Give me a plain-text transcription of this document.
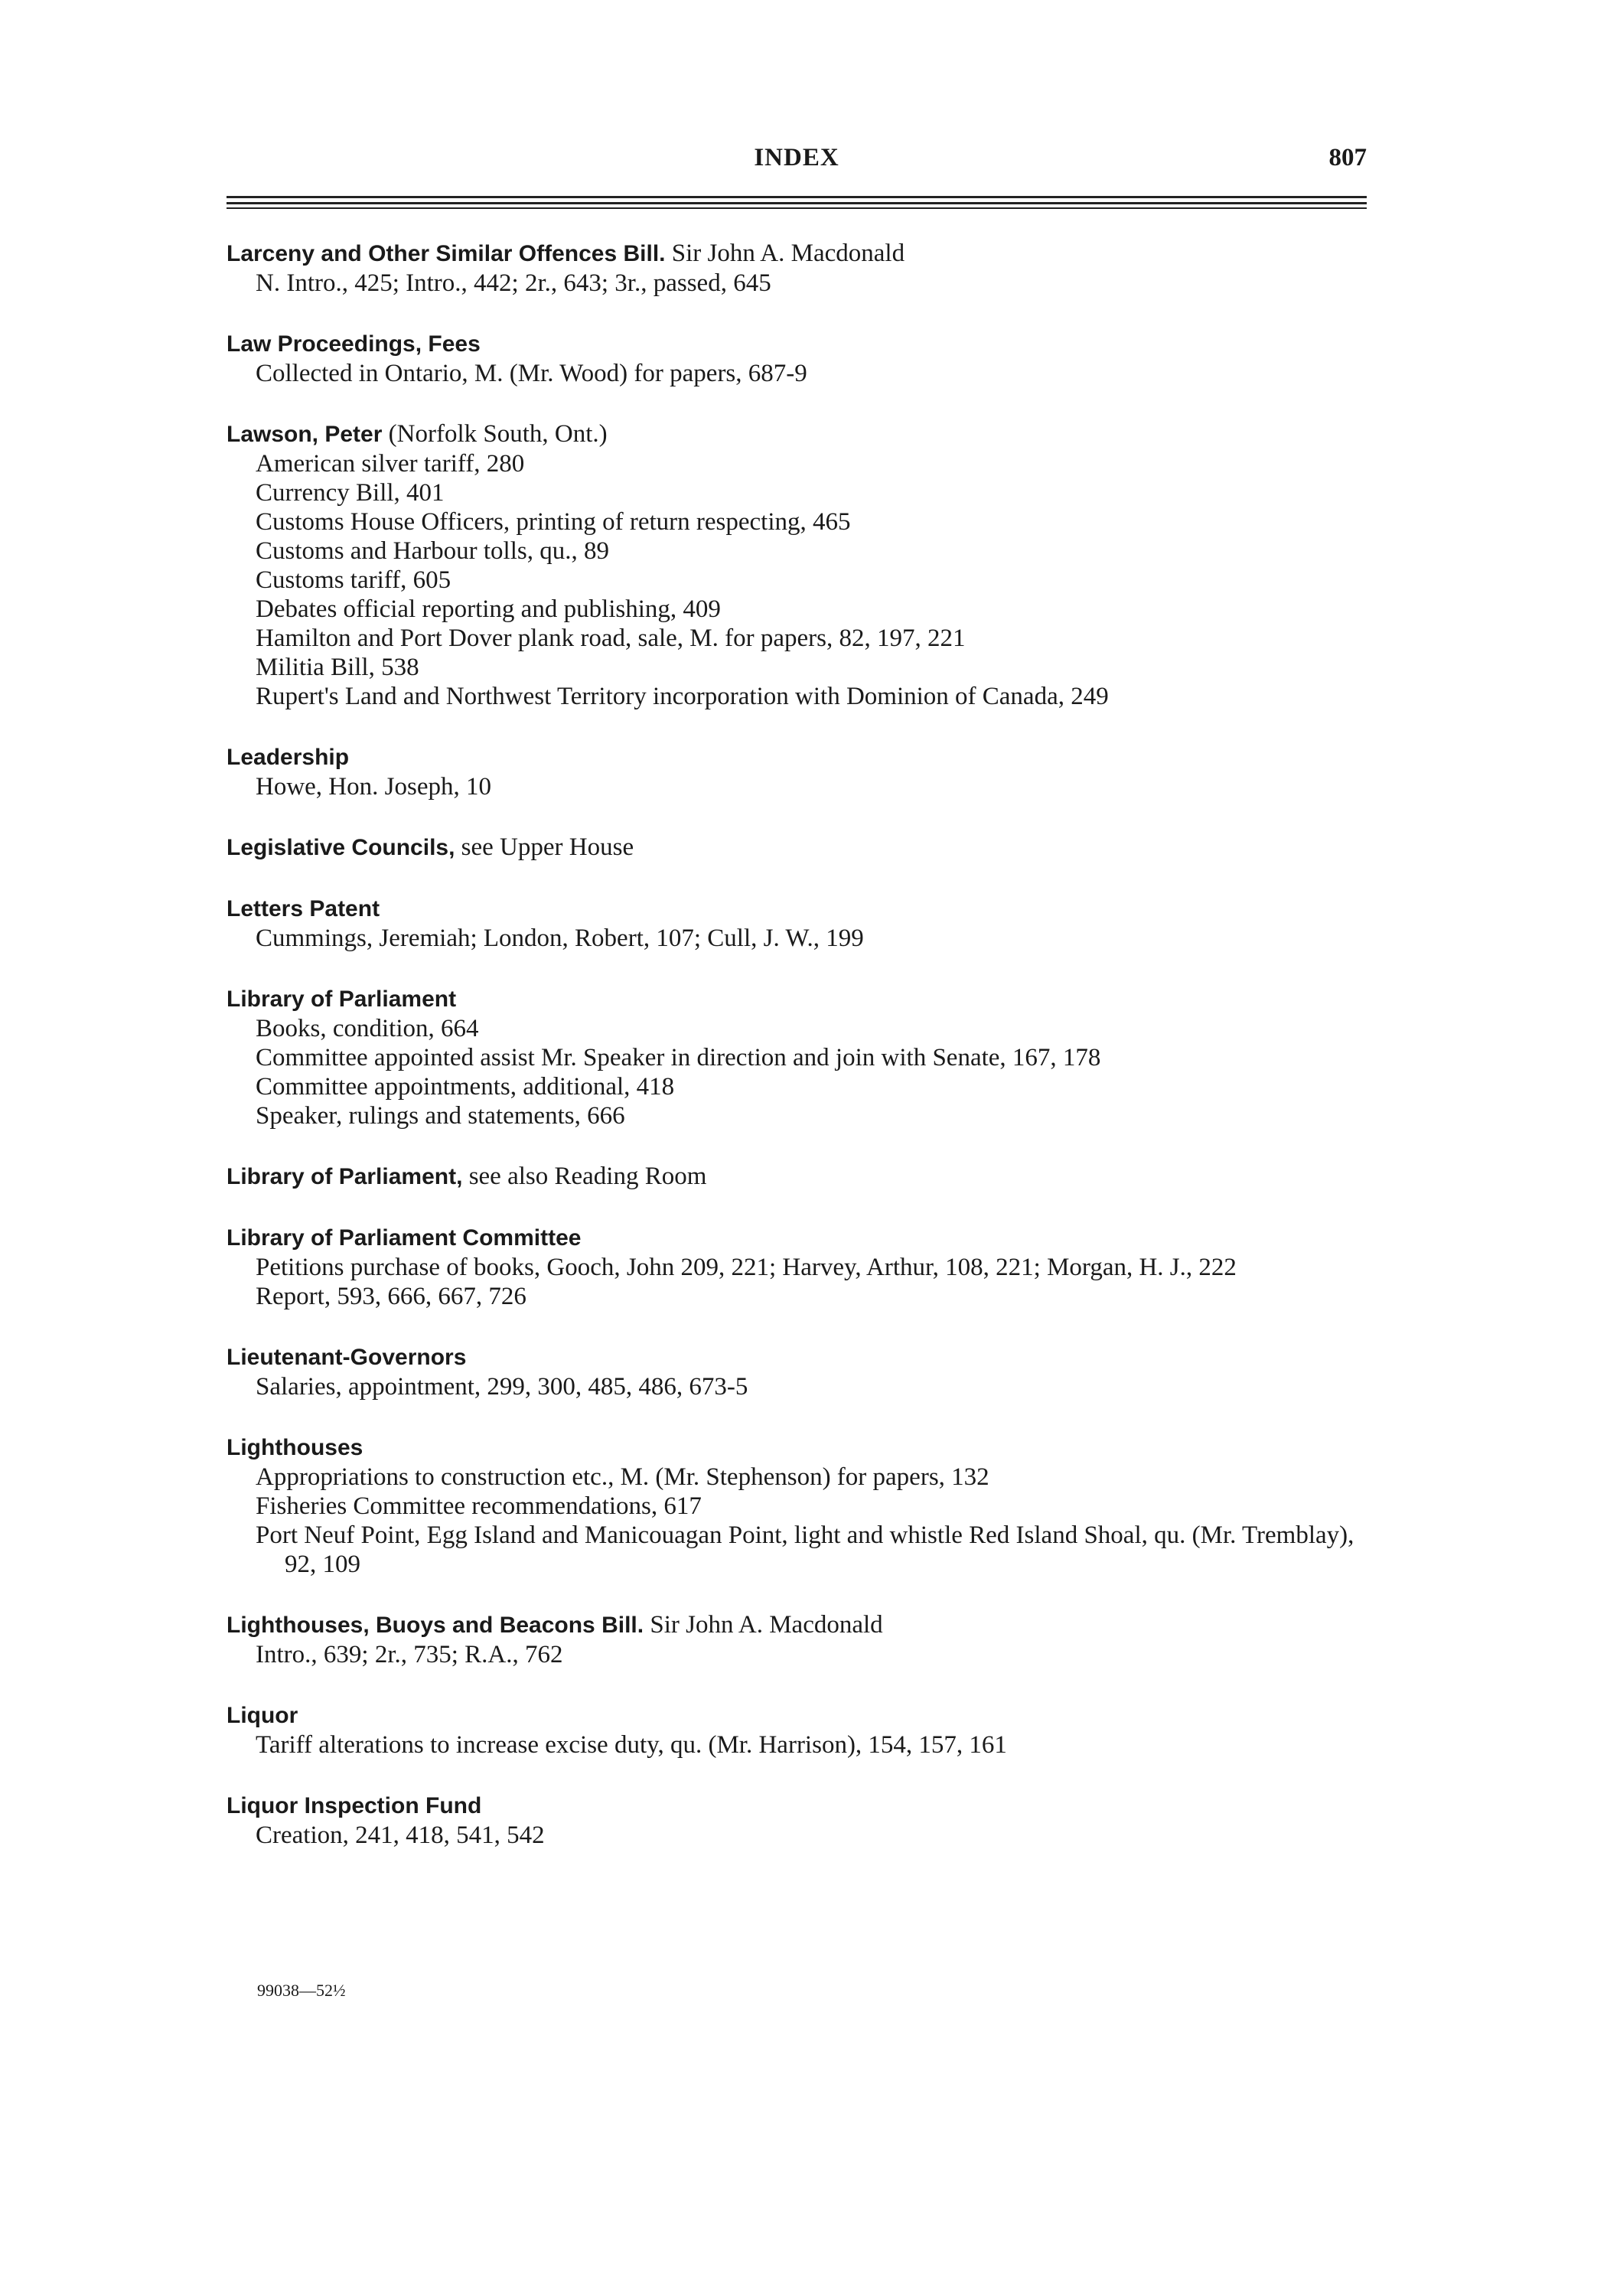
INDEX	807
Larceny and Other Similar Offences Bill. Sir John A. Macdonald
N. Intro., 425; Intro., 442; 2r., 643; 3r., passed, 645
Law Proceedings, Fees
Collected in Ontario, M. (Mr. Wood) for papers, 687-9
Lawson, Peter (Norfolk South, Ont.)
American silver tariff, 280
Currency Bill, 401
Customs House Officers, printing of return respecting, 465
Customs and Harbour tolls, qu., 89
Customs tariff, 605
Debates official reporting and publishing, 409
Hamilton and Port Dover plank road, sale, M. for papers, 82, 197, 221
Militia Bill, 538
Rupert's Land and Northwest Territory incorporation with Dominion of Canada, 249
Leadership
Howe, Hon. Joseph, 10
Legislative Councils, see Upper House
Letters Patent
Cummings, Jeremiah; London, Robert, 107; Cull, J. W., 199
Library of Parliament
Books, condition, 664
Committee appointed assist Mr. Speaker in direction and join with Senate, 167, 178
Committee appointments, additional, 418
Speaker, rulings and statements, 666
Library of Parliament, see also Reading Room
Library of Parliament Committee
Petitions purchase of books, Gooch, John 209, 221; Harvey, Arthur, 108, 221; Morgan, H. J., 222
Report, 593, 666, 667, 726
Lieutenant-Governors
Salaries, appointment, 299, 300, 485, 486, 673-5
Lighthouses
Appropriations to construction etc., M. (Mr. Stephenson) for papers, 132
Fisheries Committee recommendations, 617
Port Neuf Point, Egg Island and Manicouagan Point, light and whistle Red Island Shoal, qu. (Mr. Tremblay), 92, 109
Lighthouses, Buoys and Beacons Bill. Sir John A. Macdonald
Intro., 639; 2r., 735; R.A., 762
Liquor
Tariff alterations to increase excise duty, qu. (Mr. Harrison), 154, 157, 161
Liquor Inspection Fund
Creation, 241, 418, 541, 542
99038—52½
